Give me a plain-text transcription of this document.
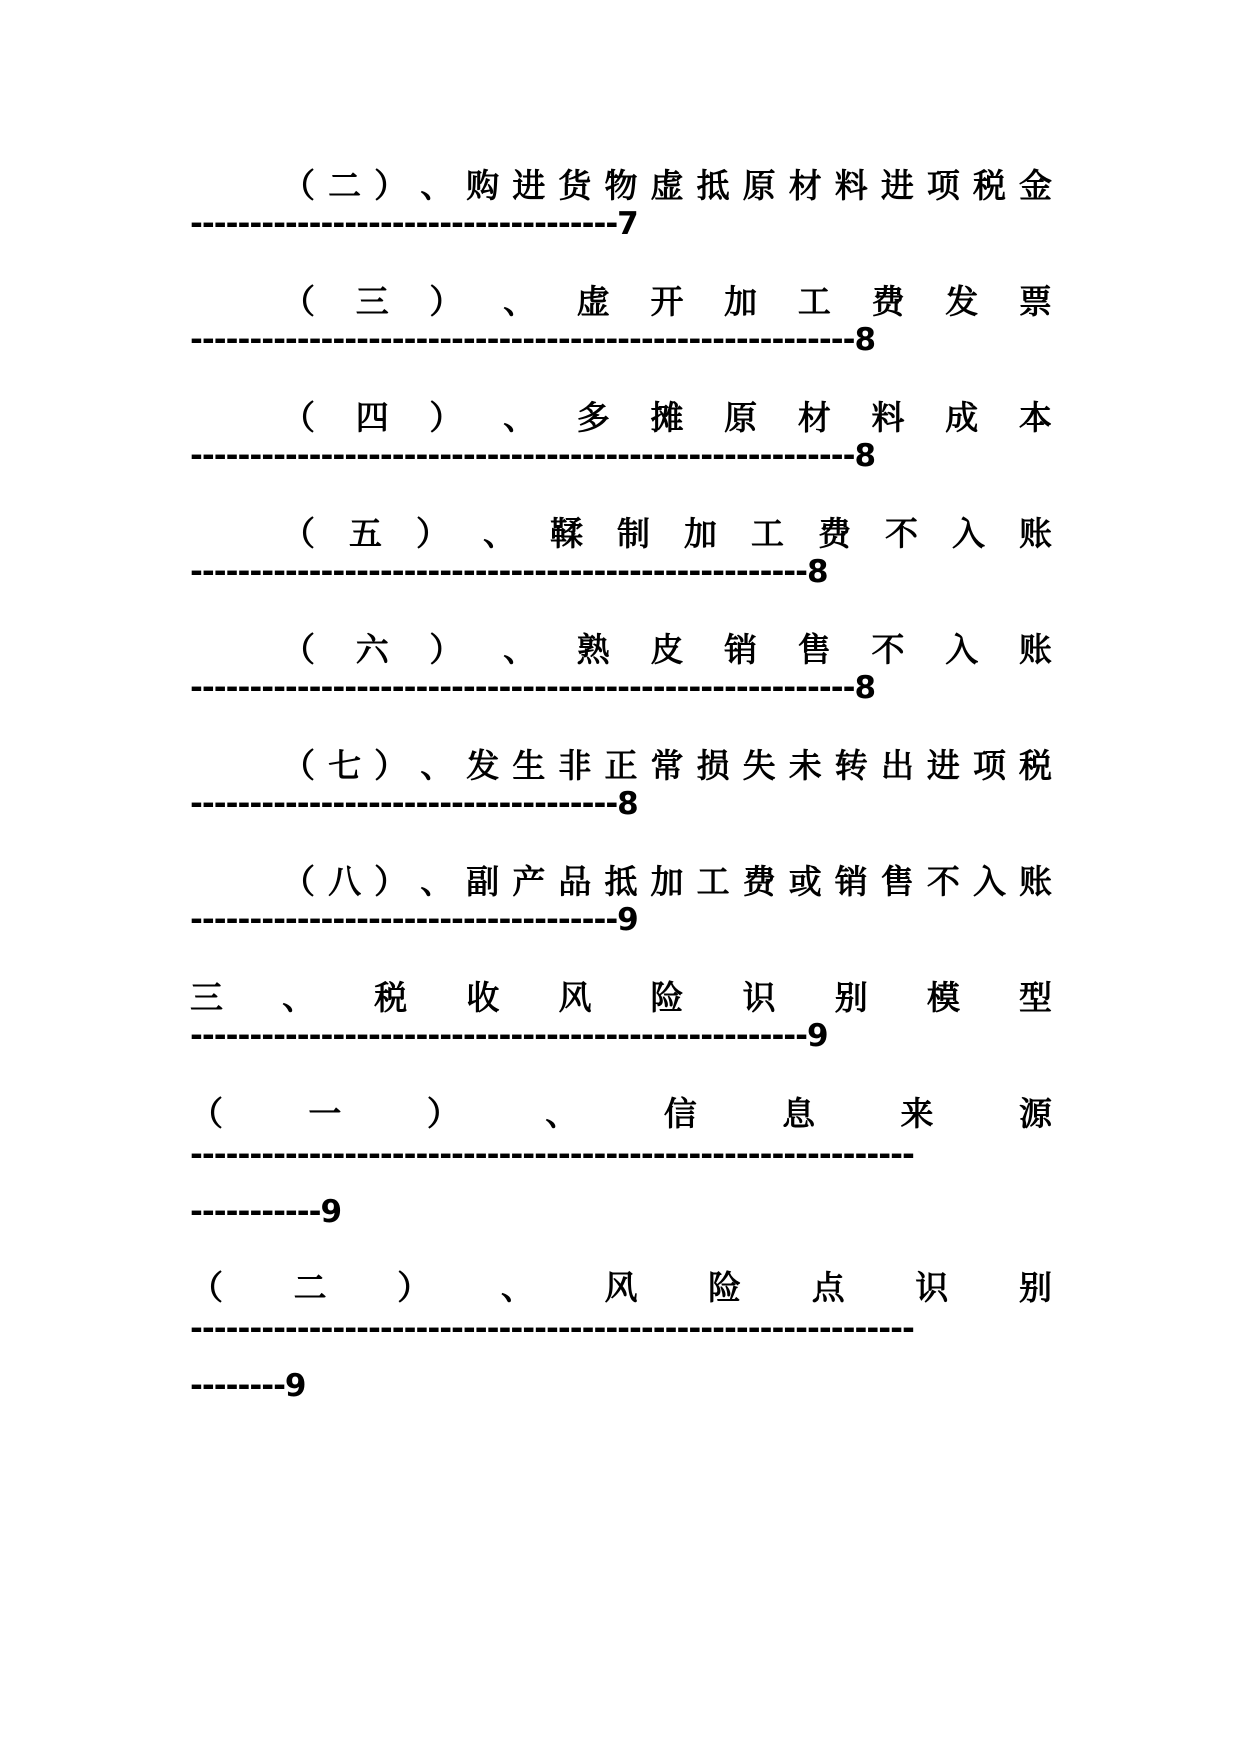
（ 二 ） 、 购 进 货 物 虚 抵 原 材 料 进 项 税 金
------------------------------------7
（ 三 ） 、 虚 开 加 工 费 发 票
--------------------------------------------------------8
（ 四 ） 、 多 摊 原 材 料 成 本
--------------------------------------------------------8
（ 五 ） 、 鞣 制 加 工 费 不 入 账
----------------------------------------------------8
（ 六 ） 、 熟 皮 销 售 不 入 账
--------------------------------------------------------8
（ 七 ） 、 发 生 非 正 常 损 失 未 转 出 进 项 税
------------------------------------8
（ 八 ） 、 副 产 品 抵 加 工 费 或 销 售 不 入 账
------------------------------------9
三 、 税 收 风 险 识 别 模 型
----------------------------------------------------9
（	一	）	、	信	息	来	源
-------------------------------------------------------------
-----------9
（ 二 ） 、 风 险 点 识 别
-------------------------------------------------------------
--------9
